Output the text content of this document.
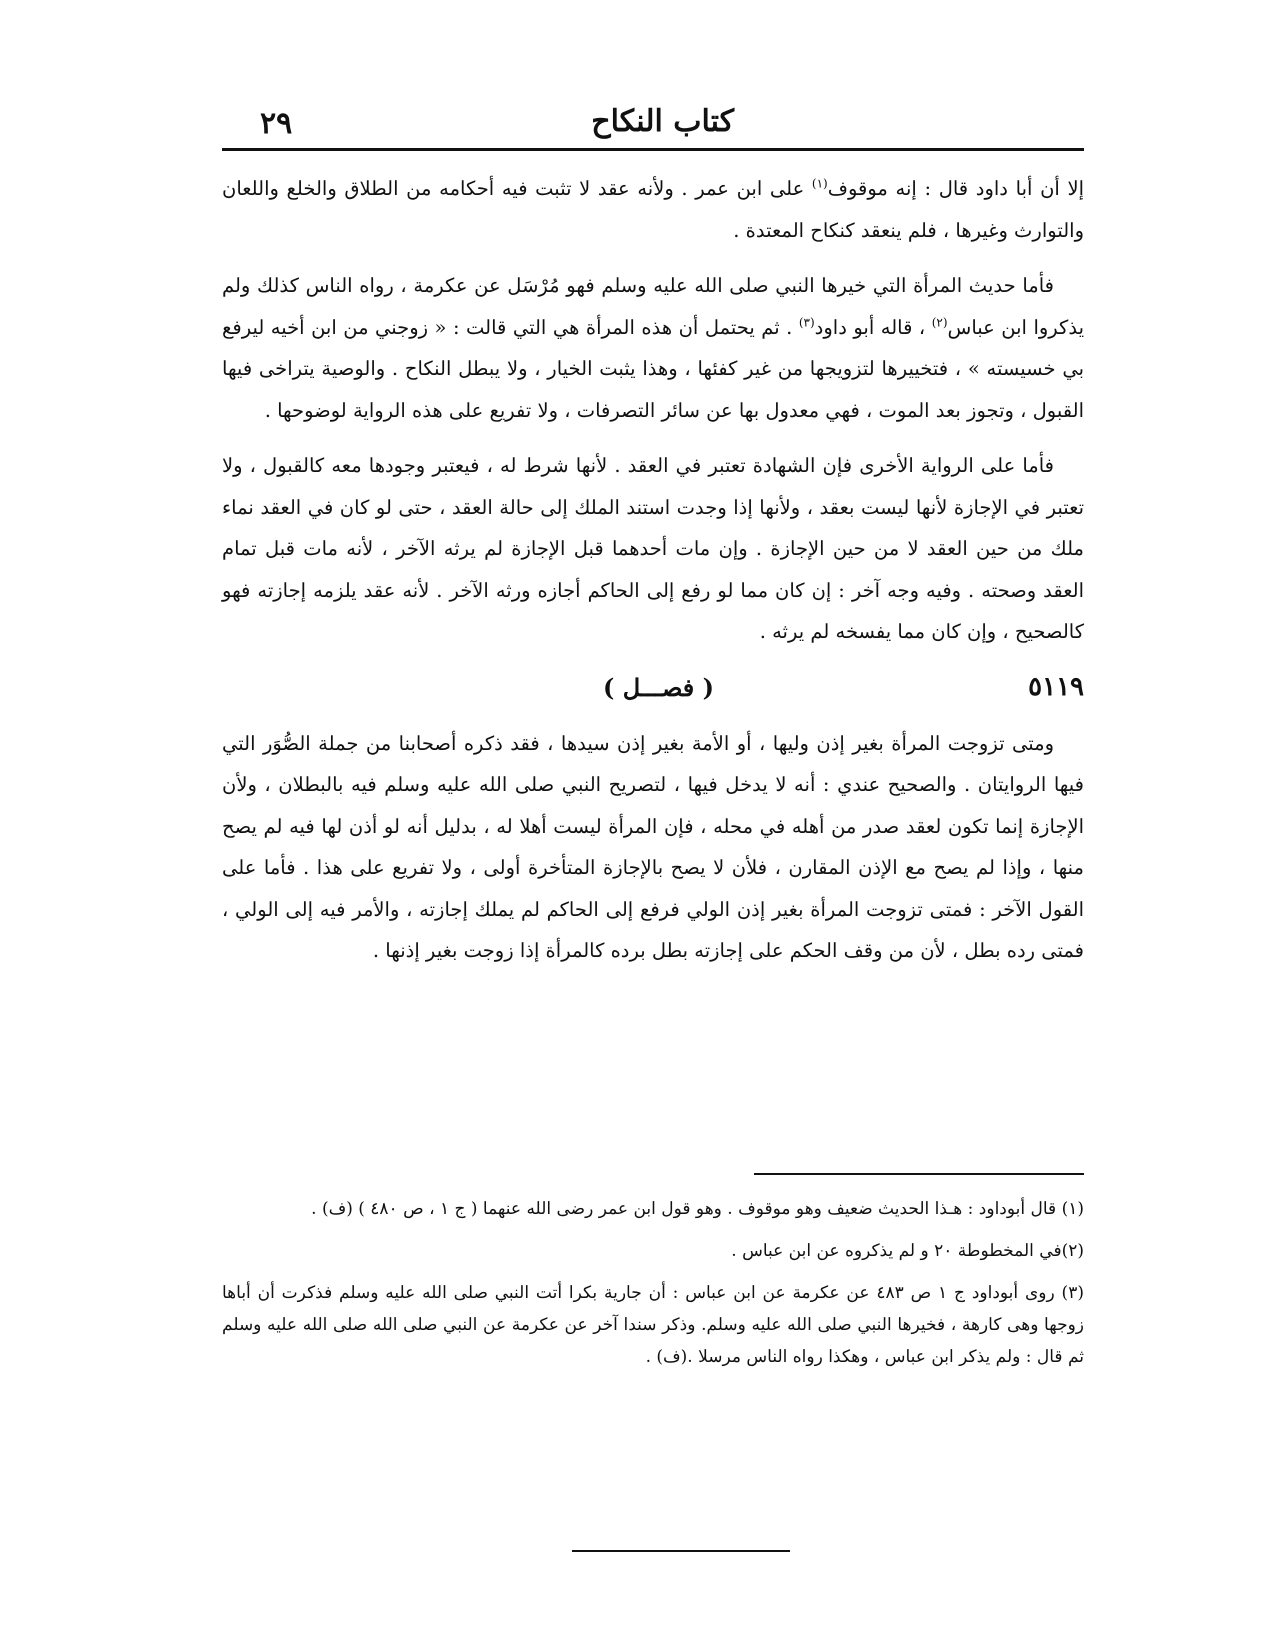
كتاب النكاح
٢٩

إلا أن أبا داود قال : إنه موقوف$^{(١)}$ على ابن عمر . ولأنه عقد لا تثبت فيه أحكامه من الطلاق والخلع واللعان والتوارث وغيرها ، فلم ينعقد كنكاح المعتدة .

فأما حديث المرأة التي خيرها النبي صلى الله عليه وسلم فهو مُرْسَل عن عكرمة ، رواه الناس كذلك ولم يذكروا ابن عباس$^{(٢)}$ ، قاله أبو داود$^{(٣)}$ . ثم يحتمل أن هذه المرأة هي التي قالت : « زوجني من ابن أخيه ليرفع بي خسيسته » ، فتخييرها لتزويجها من غير كفئها ، وهذا يثبت الخيار ، ولا يبطل النكاح . والوصية يتراخى فيها القبول ، وتجوز بعد الموت ، فهي معدول بها عن سائر التصرفات ، ولا تفريع على هذه الرواية لوضوحها .

فأما على الرواية الأخرى فإن الشهادة تعتبر في العقد . لأنها شرط له ، فيعتبر وجودها معه كالقبول ، ولا تعتبر في الإجازة لأنها ليست بعقد ، ولأنها إذا وجدت استند الملك إلى حالة العقد ، حتى لو كان في العقد نماء ملك من حين العقد لا من حين الإجازة . وإن مات أحدهما قبل الإجازة لم يرثه الآخر ، لأنه مات قبل تمام العقد وصحته . وفيه وجه آخر : إن كان مما لو رفع إلى الحاكم أجازه ورثه الآخر . لأنه عقد يلزمه إجازته فهو كالصحيح ، وإن كان مما يفسخه لم يرثه .

٥١١٩
( فصـــل )

ومتى تزوجت المرأة بغير إذن وليها ، أو الأمة بغير إذن سيدها ، فقد ذكره أصحابنا من جملة الصُّوَر التي فيها الروايتان . والصحيح عندي : أنه لا يدخل فيها ، لتصريح النبي صلى الله عليه وسلم فيه بالبطلان ، ولأن الإجازة إنما تكون لعقد صدر من أهله في محله ، فإن المرأة ليست أهلا له ، بدليل أنه لو أذن لها فيه لم يصح منها ، وإذا لم يصح مع الإذن المقارن ، فلأن لا يصح بالإجازة المتأخرة أولى ، ولا تفريع على هذا . فأما على القول الآخر : فمتى تزوجت المرأة بغير إذن الولي فرفع إلى الحاكم لم يملك إجازته ، والأمر فيه إلى الولي ، فمتى رده بطل ، لأن من وقف الحكم على إجازته بطل برده كالمرأة إذا زوجت بغير إذنها .

(١) قال أبوداود : هـذا الحديث ضعيف وهو موقوف . وهو قول ابن عمر رضى الله عنهما ( ج ١ ، ص ٤٨٠ ) (ف) .

(٢)في المخطوطة ٢٠ و لم يذكروه عن ابن عباس .

(٣) روى أبوداود ج ١ ص ٤٨٣ عن عكرمة عن ابن عباس : أن جارية بكرا أتت النبي صلى الله عليه وسلم فذكرت أن أباها زوجها وهى كارهة ، فخيرها النبي صلى الله عليه وسلم. وذكر سندا آخر عن عكرمة عن النبي صلى الله صلى الله عليه وسلم ثم قال : ولم يذكر ابن عباس ، وهكذا رواه الناس مرسلا .(ف) .
